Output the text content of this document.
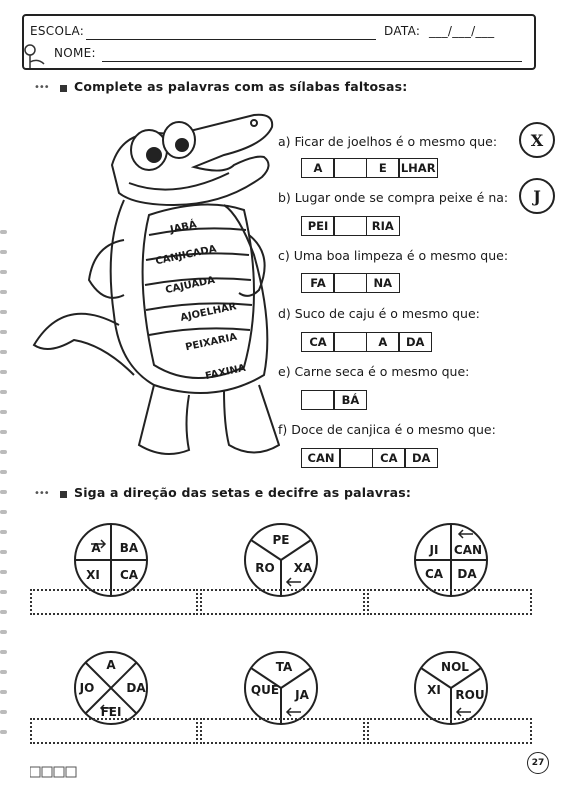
ESCOLA:	DATA: ___/___/___
NOME:
••• Complete as palavras com as sílabas faltosas:
JABÁ
CANJICADA
CAJUADA
AJOELHAR
PEIXARIA
FAXINA
a) Ficar de joelhos é o mesmo que:
A	E	LHAR
X
b) Lugar onde se compra peixe é na:
PEI	RIA
J
c) Uma boa limpeza é o mesmo que:
FA	NA
d) Suco de caju é o mesmo que:
CA	A	DA
e) Carne seca é o mesmo que:
BÁ
f) Doce de canjica é o mesmo que:
CAN	CA	DA
••• Siga a direção das setas e decifre as palavras:
A BA
CA
XI
PE
XA
RO
JI CAN
DA
CA
A
DA
FEI
JO
TA
JA
QUE
NOL
ROU
XI
27
